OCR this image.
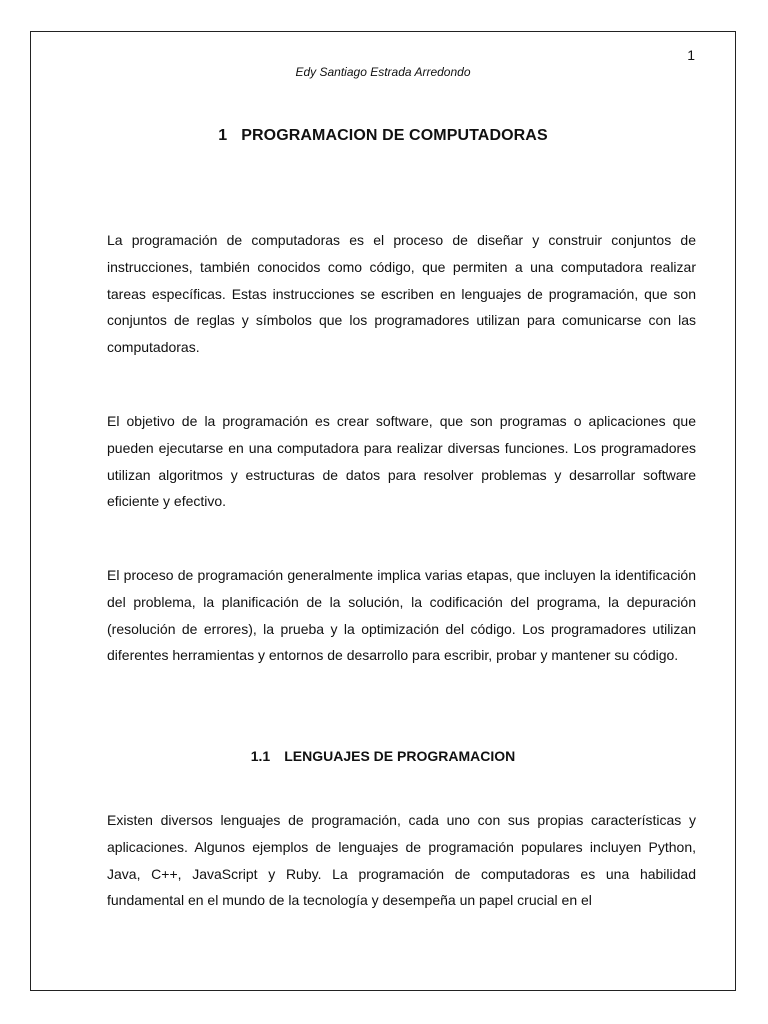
1
Edy Santiago Estrada Arredondo
1 PROGRAMACION DE COMPUTADORAS

La programación de computadoras es el proceso de diseñar y construir conjuntos de instrucciones, también conocidos como código, que permiten a una computadora realizar tareas específicas. Estas instrucciones se escriben en lenguajes de programación, que son conjuntos de reglas y símbolos que los programadores utilizan para comunicarse con las computadoras.

El objetivo de la programación es crear software, que son programas o aplicaciones que pueden ejecutarse en una computadora para realizar diversas funciones. Los programadores utilizan algoritmos y estructuras de datos para resolver problemas y desarrollar software eficiente y efectivo.

El proceso de programación generalmente implica varias etapas, que incluyen la identificación del problema, la planificación de la solución, la codificación del programa, la depuración (resolución de errores), la prueba y la optimización del código. Los programadores utilizan diferentes herramientas y entornos de desarrollo para escribir, probar y mantener su código.

1.1 LENGUAJES DE PROGRAMACION

Existen diversos lenguajes de programación, cada uno con sus propias características y aplicaciones. Algunos ejemplos de lenguajes de programación populares incluyen Python, Java, C++, JavaScript y Ruby. La programación de computadoras es una habilidad fundamental en el mundo de la tecnología y desempeña un papel crucial en el
